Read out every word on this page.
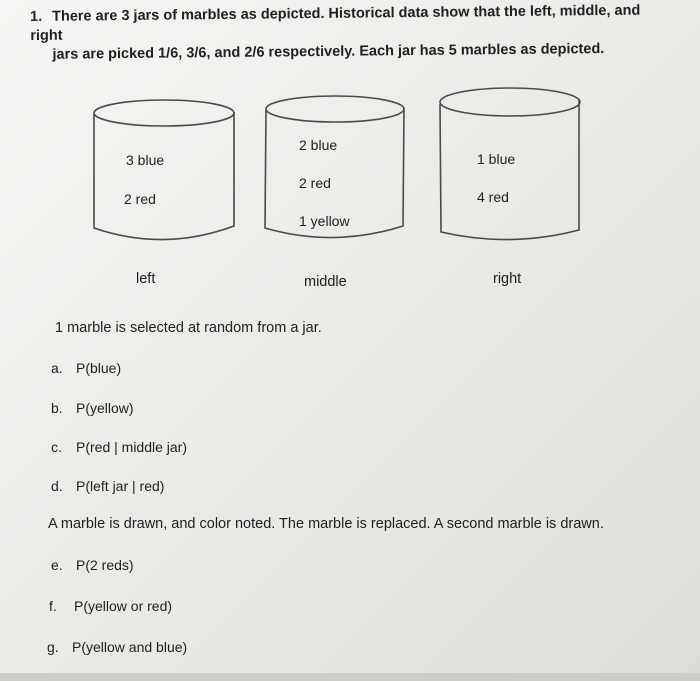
1. There are 3 jars of marbles as depicted. Historical data show that the left, middle, and right
jars are picked 1/6, 3/6, and 2/6 respectively. Each jar has 5 marbles as depicted.
3 blue
2 red
2 blue
2 red
1 yellow
1 blue
4 red
left	middle	right
1 marble is selected at random from a jar.
a. P(blue)
b. P(yellow)
c. P(red | middle jar)
d. P(left jar | red)
A marble is drawn, and color noted. The marble is replaced. A second marble is drawn.
e. P(2 reds)
f. P(yellow or red)
g. P(yellow and blue)
